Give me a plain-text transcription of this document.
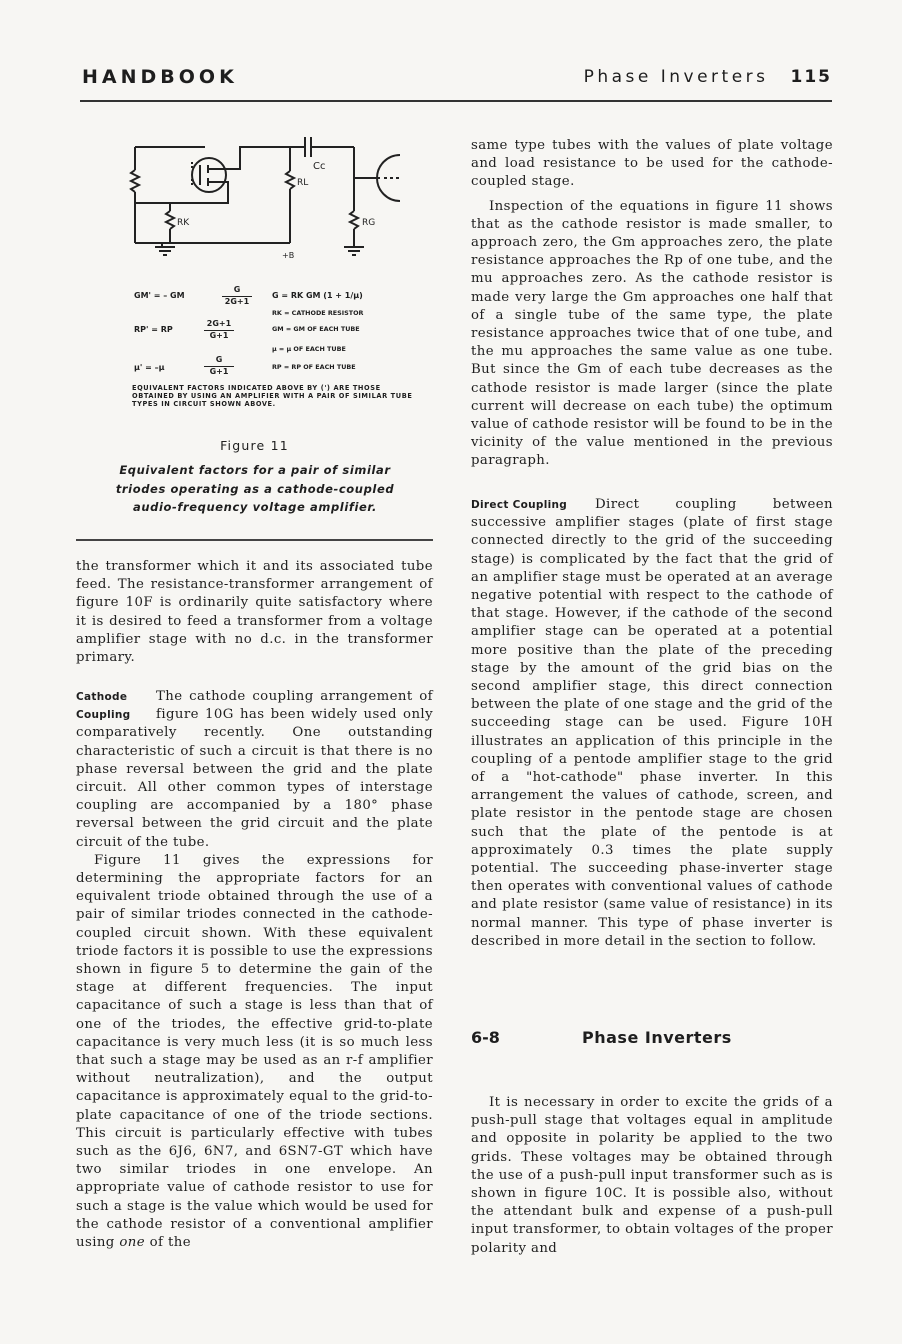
HANDBOOK	Phase Inverters 115
Cc
RL
RK	RG
+B
GM' = – GM
G
2G+1
G = RK GM (1 + 1/µ)
RK = CATHODE RESISTOR
RP' = RP
2G+1
G+1
GM = GM OF EACH TUBE
µ = µ OF EACH TUBE
µ' = –µ
G
G+1	RP = RP OF EACH TUBE
EQUIVALENT FACTORS INDICATED ABOVE BY (') ARE THOSE OBTAINED BY USING AN AMPLIFIER WITH A PAIR OF SIMILAR TUBE TYPES IN CIRCUIT SHOWN ABOVE.
Figure 11
Equivalent factors for a pair of similar triodes operating as a cathode-coupled audio-frequency voltage amplifier.

the transformer which it and its associated tube feed. The resistance-transformer arrangement of figure 10F is ordinarily quite satisfactory where it is desired to feed a transformer from a voltage amplifier stage with no d.c. in the transformer primary.

Cathode
Coupling

The cathode coupling arrangement of figure 10G has been widely used only comparatively recently. One outstanding characteristic of such a circuit is that there is no phase reversal between the grid and the plate circuit. All other common types of interstage coupling are accompanied by a 180° phase reversal between the grid circuit and the plate circuit of the tube.

Figure 11 gives the expressions for determining the appropriate factors for an equivalent triode obtained through the use of a pair of similar triodes connected in the cathode-coupled circuit shown. With these equivalent triode factors it is possible to use the expressions shown in figure 5 to determine the gain of the stage at different frequencies. The input capacitance of such a stage is less than that of one of the triodes, the effective grid-to-plate capacitance is very much less (it is so much less that such a stage may be used as an r-f amplifier without neutralization), and the output capacitance is approximately equal to the grid-to-plate capacitance of one of the triode sections. This circuit is particularly effective with tubes such as the 6J6, 6N7, and 6SN7-GT which have two similar triodes in one envelope. An appropriate value of cathode resistor to use for such a stage is the value which would be used for the cathode resistor of a conventional amplifier using one of the

same type tubes with the values of plate voltage and load resistance to be used for the cathode-coupled stage.

Inspection of the equations in figure 11 shows that as the cathode resistor is made smaller, to approach zero, the Gm approaches zero, the plate resistance approaches the Rp of one tube, and the mu approaches zero. As the cathode resistor is made very large the Gm approaches one half that of a single tube of the same type, the plate resistance approaches twice that of one tube, and the mu approaches the same value as one tube. But since the Gm of each tube decreases as the cathode resistor is made larger (since the plate current will decrease on each tube) the optimum value of cathode resistor will be found to be in the vicinity of the value mentioned in the previous paragraph.

Direct Coupling	Direct coupling between successive amplifier stages (plate of first stage connected directly to the grid of the succeeding stage) is complicated by the fact that the grid of an amplifier stage must be operated at an average negative potential with respect to the cathode of that stage. However, if the cathode of the second amplifier stage can be operated at a potential more positive than the plate of the preceding stage by the amount of the grid bias on the second amplifier stage, this direct connection between the plate of one stage and the grid of the succeeding stage can be used. Figure 10H illustrates an application of this principle in the coupling of a pentode amplifier stage to the grid of a "hot-cathode" phase inverter. In this arrangement the values of cathode, screen, and plate resistor in the pentode stage are chosen such that the plate of the pentode is at approximately 0.3 times the plate supply potential. The succeeding phase-inverter stage then operates with conventional values of cathode and plate resistor (same value of resistance) in its normal manner. This type of phase inverter is described in more detail in the section to follow.

6-8	Phase Inverters

It is necessary in order to excite the grids of a push-pull stage that voltages equal in amplitude and opposite in polarity be applied to the two grids. These voltages may be obtained through the use of a push-pull input transformer such as is shown in figure 10C. It is possible also, without the attendant bulk and expense of a push-pull input transformer, to obtain voltages of the proper polarity and
